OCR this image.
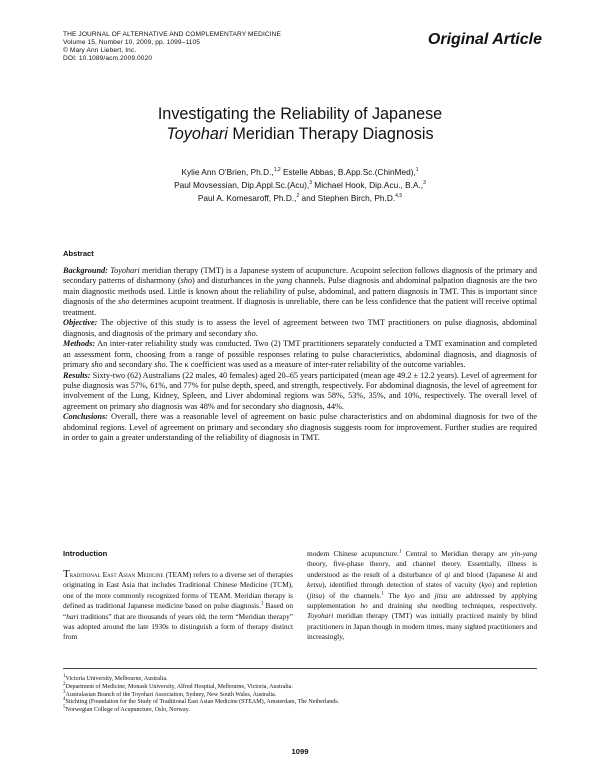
THE JOURNAL OF ALTERNATIVE AND COMPLEMENTARY MEDICINE
Volume 15, Number 10, 2009, pp. 1099–1105
© Mary Ann Liebert, Inc.
DOI: 10.1089/acm.2009.0020
Original Article
Investigating the Reliability of Japanese
Toyohari Meridian Therapy Diagnosis
Kylie Ann O’Brien, Ph.D.,$^{1,2}$ Estelle Abbas, B.App.Sc.(ChinMed),$^1$
Paul Movsessian, Dip.Appl.Sc.(Acu),$^3$ Michael Hook, Dip.Acu., B.A.,$^3$
Paul A. Komesaroff, Ph.D.,$^2$ and Stephen Birch, Ph.D.$^{4,5}$
Abstract

Background: Toyohari meridian therapy (TMT) is a Japanese system of acupuncture. Acupoint selection follows diagnosis of the primary and secondary patterns of disharmony (sho) and disturbances in the yang channels. Pulse diagnosis and abdominal palpation diagnosis are the two main diagnostic methods used. Little is known about the reliability of pulse, abdominal, and pattern diagnosis in TMT. This is important since diagnosis of the sho determines acupoint treatment. If diagnosis is unreliable, there can be less confidence that the patient will receive optimal treatment.

Objective: The objective of this study is to assess the level of agreement between two TMT practitioners on pulse diagnosis, abdominal diagnosis, and diagnosis of the primary and secondary sho.

Methods: An inter-rater reliability study was conducted. Two (2) TMT practitioners separately conducted a TMT examination and completed an assessment form, choosing from a range of possible responses relating to pulse characteristics, abdominal diagnosis, and diagnosis of primary sho and secondary sho. The κ coefficient was used as a measure of inter-rater reliability of the outcome variables.

Results: Sixty-two (62) Australians (22 males, 40 females) aged 20–65 years participated (mean age 49.2 ± 12.2 years). Level of agreement for pulse diagnosis was 57%, 61%, and 77% for pulse depth, speed, and strength, respectively. For abdominal diagnosis, the level of agreement for involvement of the Lung, Kidney, Spleen, and Liver abdominal regions was 58%, 53%, 35%, and 10%, respectively. The overall level of agreement on primary sho diagnosis was 48% and for secondary sho diagnosis, 44%.

Conclusions: Overall, there was a reasonable level of agreement on basic pulse characteristics and on abdominal diagnosis for two of the abdominal regions. Level of agreement on primary and secondary sho diagnosis suggests room for improvement. Further studies are required in order to gain a greater understanding of the reliability of diagnosis in TMT.

Introduction

Traditional East Asian Medicine (TEAM) refers to a diverse set of therapies originating in East Asia that includes Traditional Chinese Medicine (TCM), one of the more commonly recognized forms of TEAM. Meridian therapy is defined as traditional Japanese medicine based on pulse diagnosis.$^1$ Based on “hari traditions” that are thousands of years old, the term “Meridian therapy” was adopted around the late 1930s to distinguish a form of therapy distinct from

modern Chinese acupuncture.$^1$ Central to Meridian therapy are yin-yang theory, five-phase theory, and channel theory. Essentially, illness is understood as the result of a disturbance of qi and blood (Japanese ki and ketsu), identified through detection of states of vacuity (kyo) and repletion (jitsu) of the channels.$^1$ The kyo and jitsu are addressed by applying supplementation ho and draining sha needling techniques, respectively. Toyohari meridian therapy (TMT) was initially practiced mainly by blind practitioners in Japan though in modern times, many sighted practitioners and increasingly,

$^1$Victoria University, Melbourne, Australia.
$^2$Department of Medicine, Monash University, Alfred Hospital, Melbourne, Victoria, Australia.
$^3$Australasian Branch of the Toyohari Association, Sydney, New South Wales, Australia.
$^4$Stichting (Foundation for the Study of Traditional East Asian Medicine (STEAM), Amsterdam, The Netherlands.
$^5$Norwegian College of Acupuncture, Oslo, Norway.
1099
